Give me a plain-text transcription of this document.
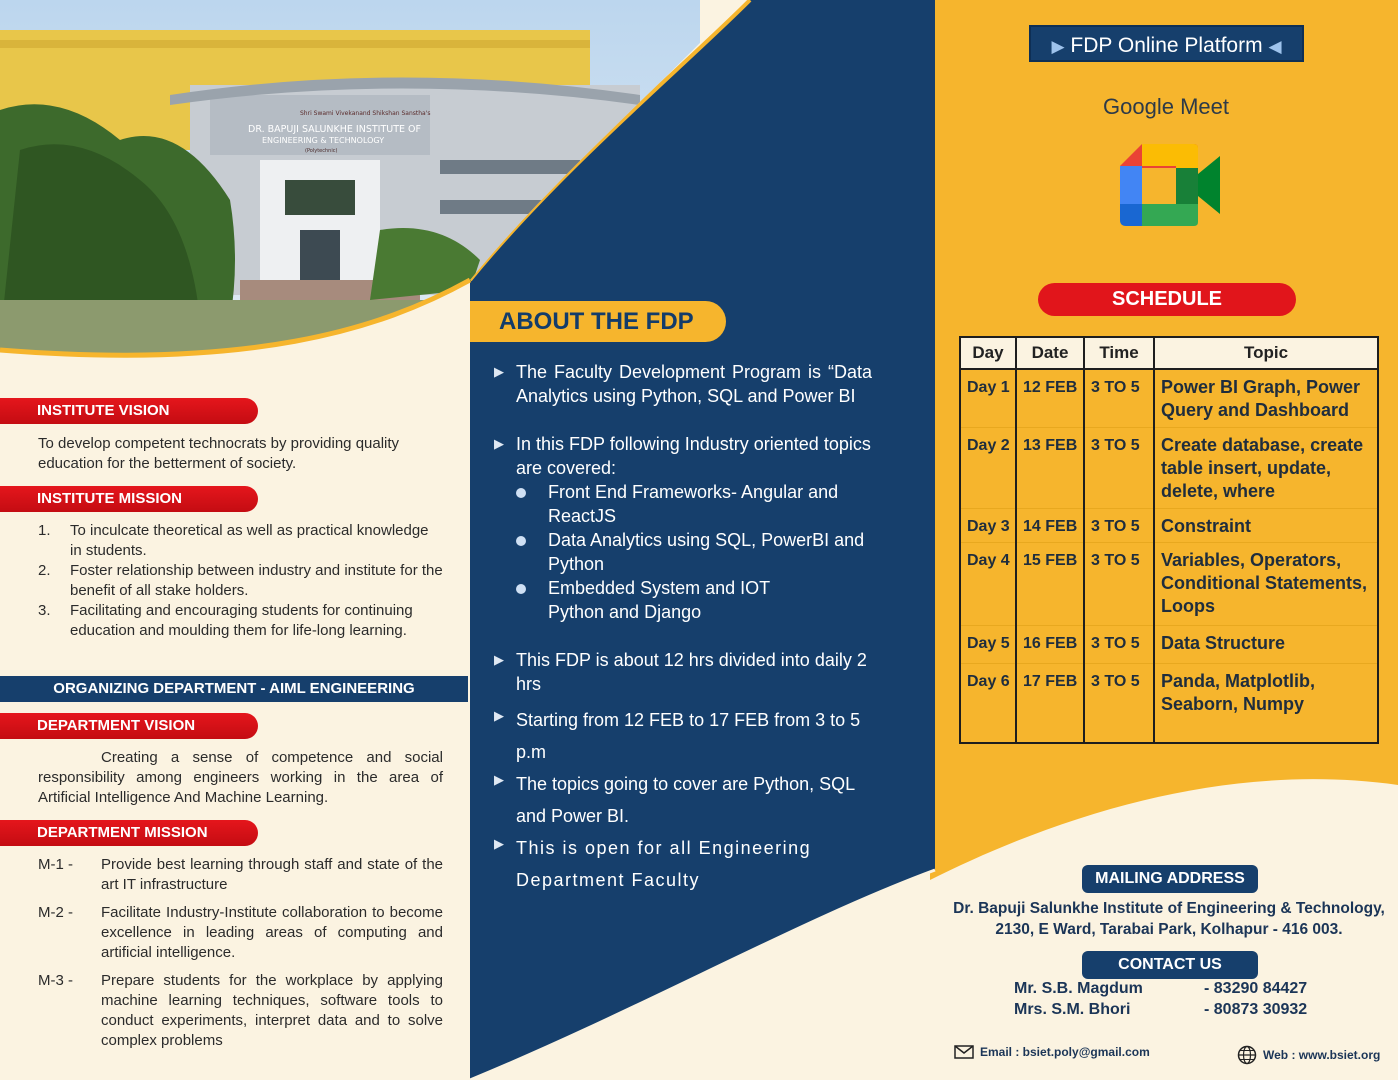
Shri Swami Vivekanand Shikshan Sanstha's
DR. BAPUJI SALUNKHE INSTITUTE OF
ENGINEERING & TECHNOLOGY
(Polytechnic)
INSTITUTE VISION
To develop competent technocrats by providing quality education for the betterment of society.
INSTITUTE MISSION
1.	To inculcate theoretical as well as practical knowledge in students.
2.	Foster relationship between industry and institute for the benefit of all stake holders.
3.	Facilitating and encouraging students for continuing education and moulding them for life-long learning.
ORGANIZING DEPARTMENT - AIML ENGINEERING
DEPARTMENT VISION
Creating a sense of competence and social responsibility among engineers working in the area of Artificial Intelligence And Machine Learning.
DEPARTMENT MISSION
M-1 -	Provide best learning through staff and state of the art IT infrastructure
M-2 -	Facilitate Industry-Institute collaboration to become excellence in leading areas of computing and artificial intelligence.
M-3 -	Prepare students for the workplace by applying machine learning techniques, software tools to conduct experiments, interpret data and to solve complex problems
ABOUT THE FDP
▶ The Faculty Development Program is “Data Analytics using Python, SQL and Power BI
▶ In this FDP following Industry oriented topics are covered:
Front End Frameworks- Angular and ReactJS
Data Analytics using SQL, PowerBI and Python
Embedded System and IOT Python and Django
▶ This FDP is about 12 hrs divided into daily 2 hrs
▶ Starting from 12 FEB to 17 FEB from 3 to 5 p.m
▶ The topics going to cover are Python, SQL and Power BI.
▶ This is open for all Engineering Department Faculty
▶ FDP Online Platform ◀
Google Meet
SCHEDULE
Day	Date	Time	Topic
Day 1	12 FEB	3 TO 5	Power BI Graph, Power Query and Dashboard
Day 2	13 FEB	3 TO 5	Create database, create table insert, update, delete, where
Day 3	14 FEB	3 TO 5	Constraint
Day 4	15 FEB	3 TO 5	Variables, Operators, Conditional Statements, Loops
Day 5	16 FEB	3 TO 5	Data Structure
Day 6	17 FEB	3 TO 5	Panda, Matplotlib, Seaborn, Numpy
MAILING ADDRESS
Dr. Bapuji Salunkhe Institute of Engineering & Technology,
2130, E Ward, Tarabai Park, Kolhapur - 416 003.
CONTACT US
Mr. S.B. Magdum	- 83290 84427
Mrs. S.M. Bhori	- 80873 30932
Email : bsiet.poly@gmail.com	Web : www.bsiet.org
